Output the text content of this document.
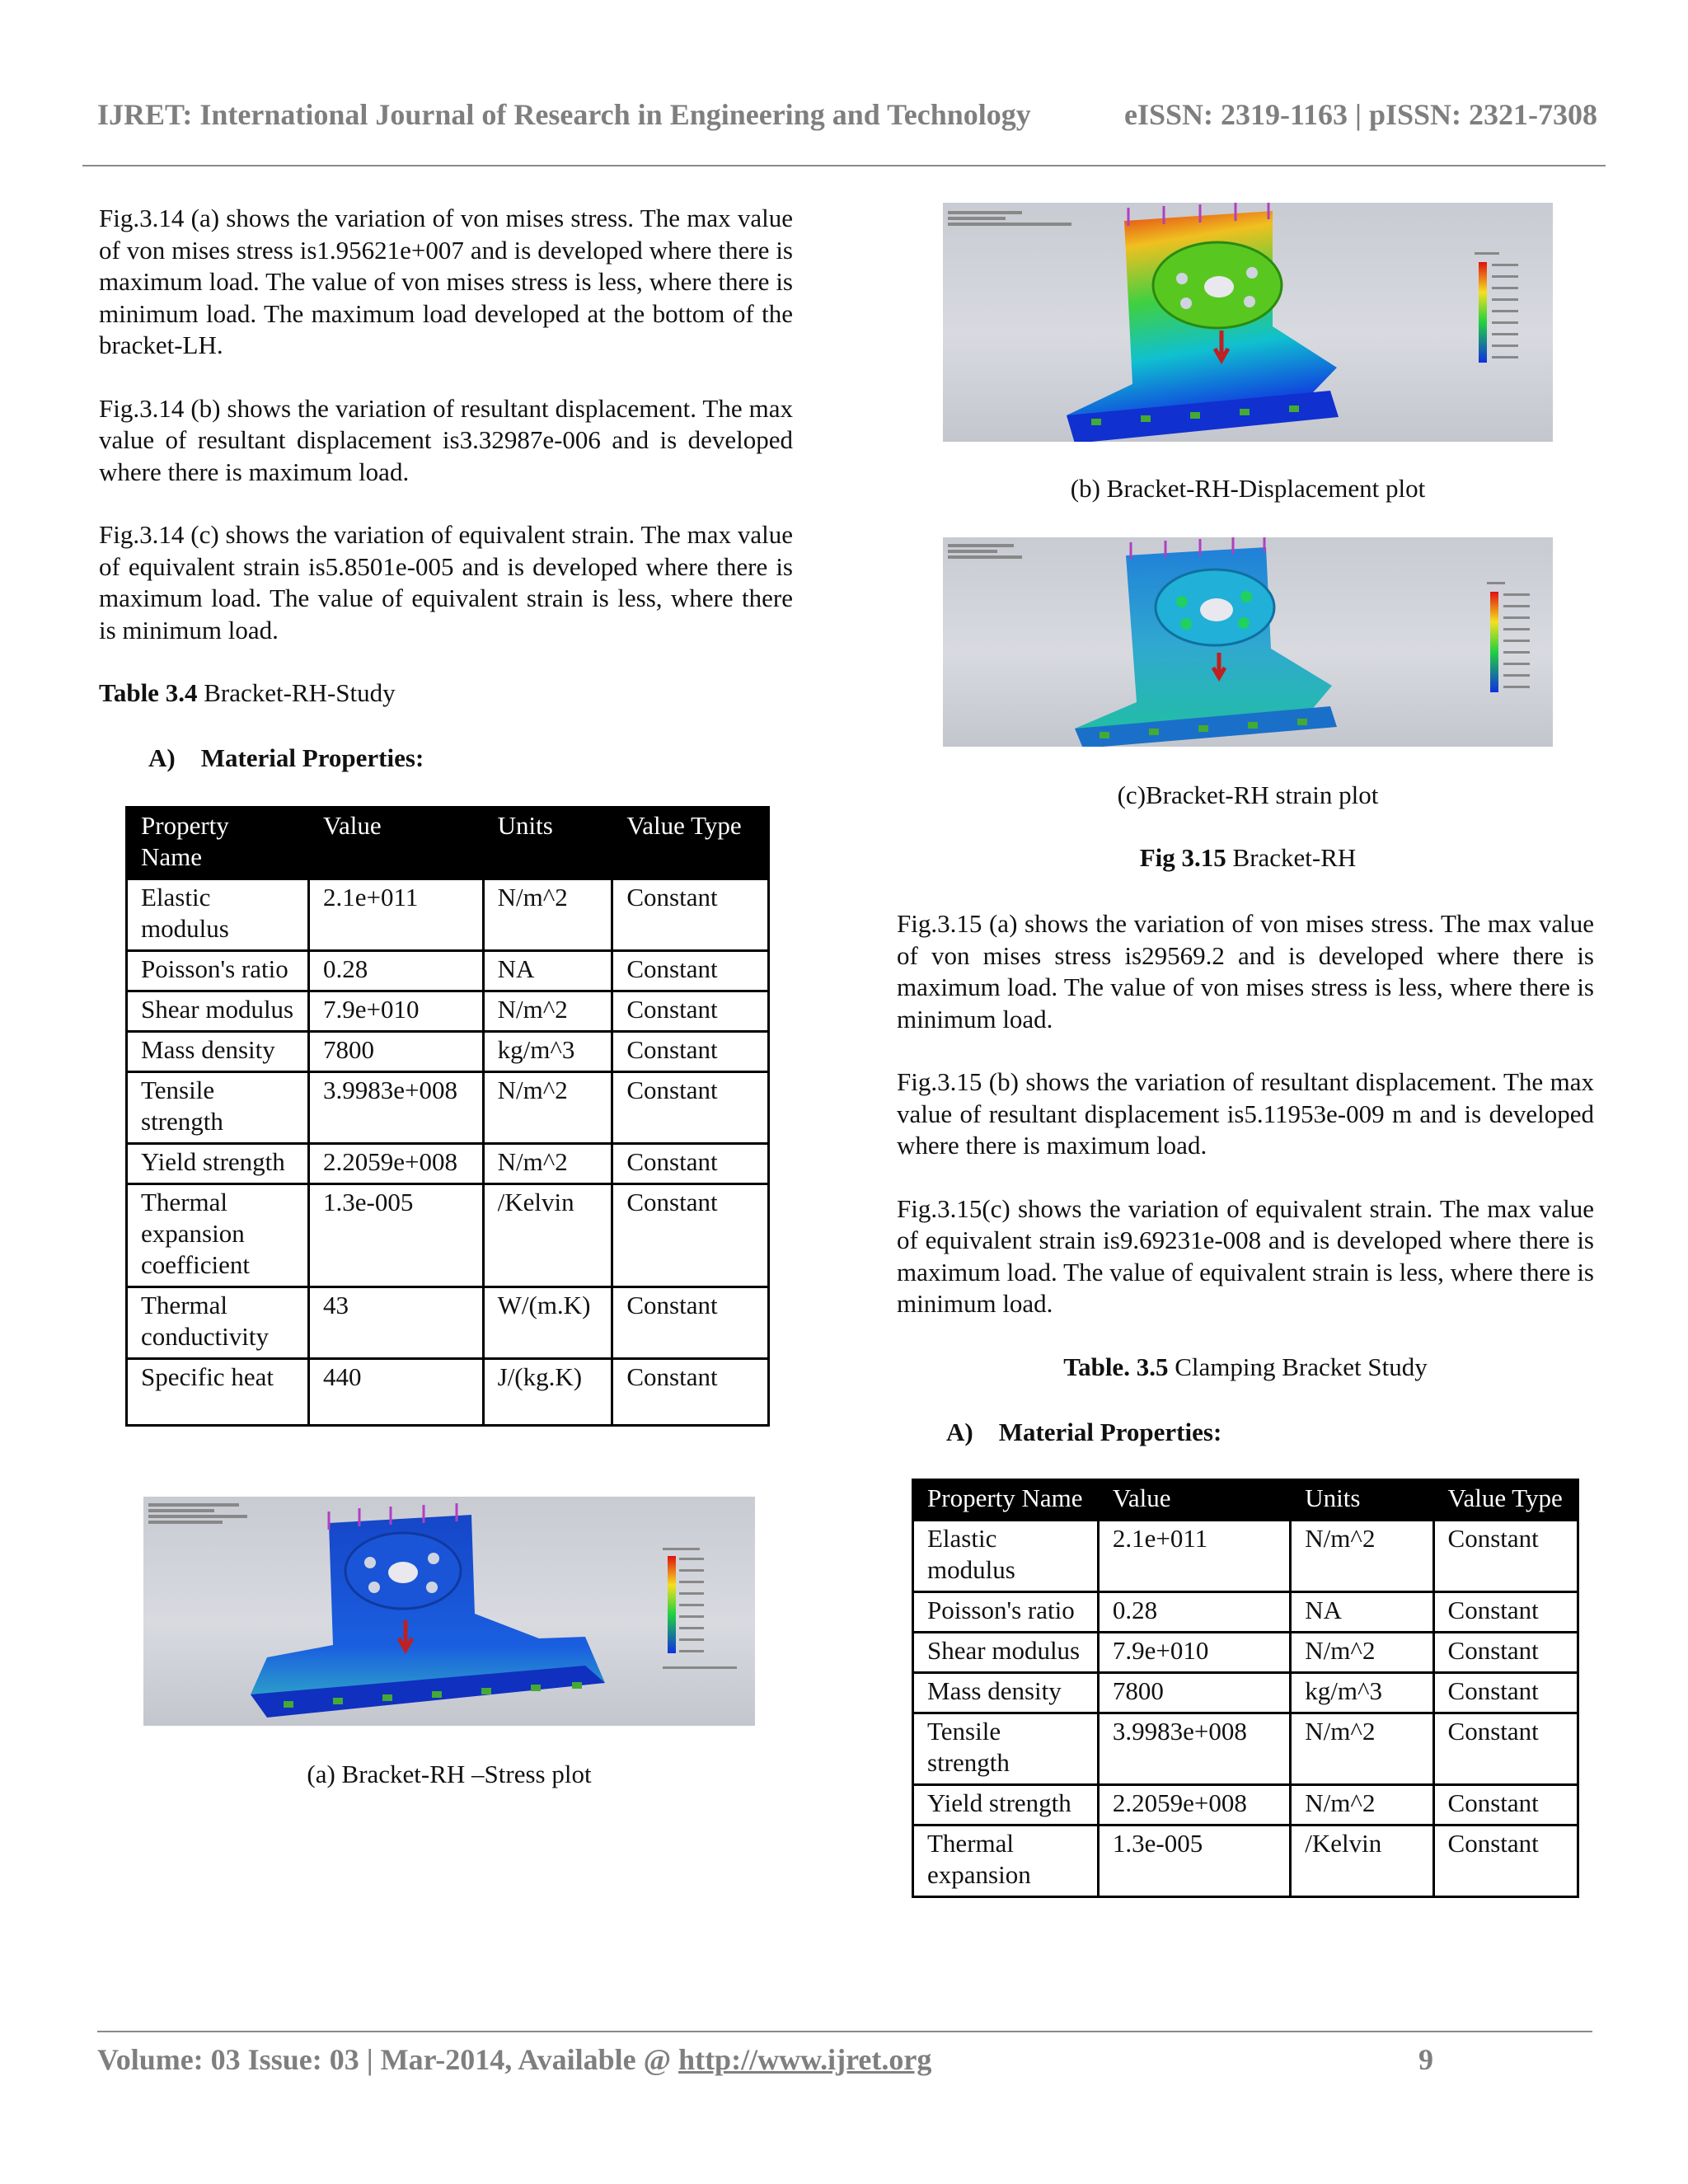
IJRET: International Journal of Research in Engineering and Technology	eISSN: 2319-1163 | pISSN: 2321-7308

Fig.3.14 (a) shows the variation of von mises stress. The max value of von mises stress is1.95621e+007 and is developed where there is maximum load. The value of von mises stress is less, where there is minimum load. The maximum load developed at the bottom of the bracket-LH.

Fig.3.14 (b) shows the variation of resultant displacement. The max value of resultant displacement is3.32987e-006 and is developed where there is maximum load.

Fig.3.14 (c) shows the variation of equivalent strain. The max value of equivalent strain is5.8501e-005 and is developed where there is maximum load. The value of equivalent strain is less, where there is minimum load.

Table 3.4 Bracket-RH-Study

A)    Material Properties:
Property Name	Value	Units	Value Type
Elastic modulus	2.1e+011	N/m^2	Constant
Poisson's ratio	0.28	NA	Constant
Shear modulus	7.9e+010	N/m^2	Constant
Mass density	7800	kg/m^3	Constant
Tensile strength	3.9983e+008	N/m^2	Constant
Yield strength	2.2059e+008	N/m^2	Constant
Thermal expansion coefficient	1.3e-005	/Kelvin	Constant
Thermal conductivity	43	W/(m.K)	Constant
Specific heat	440	J/(kg.K)	Constant
(a) Bracket-RH –Stress plot
(b) Bracket-RH-Displacement plot
(c)Bracket-RH strain plot
Fig 3.15 Bracket-RH

Fig.3.15 (a) shows the variation of von mises stress. The max value of von mises stress is29569.2 and is developed where there is maximum load. The value of von mises stress is less, where there is minimum load.

Fig.3.15 (b) shows the variation of resultant displacement. The max value of resultant displacement is5.11953e-009 m and is developed where there is maximum load.

Fig.3.15(c) shows the variation of equivalent strain. The max value of equivalent strain is9.69231e-008 and is developed where there is maximum load. The value of equivalent strain is less, where there is minimum load.

Table. 3.5 Clamping Bracket Study
A)    Material Properties:
Property Name	Value	Units	Value Type
Elastic modulus	2.1e+011	N/m^2	Constant
Poisson's ratio	0.28	NA	Constant
Shear modulus	7.9e+010	N/m^2	Constant
Mass density	7800	kg/m^3	Constant
Tensile strength	3.9983e+008	N/m^2	Constant
Yield strength	2.2059e+008	N/m^2	Constant
Thermal expansion	1.3e-005	/Kelvin	Constant
Volume: 03 Issue: 03 | Mar-2014, Available @ http://www.ijret.org	9
